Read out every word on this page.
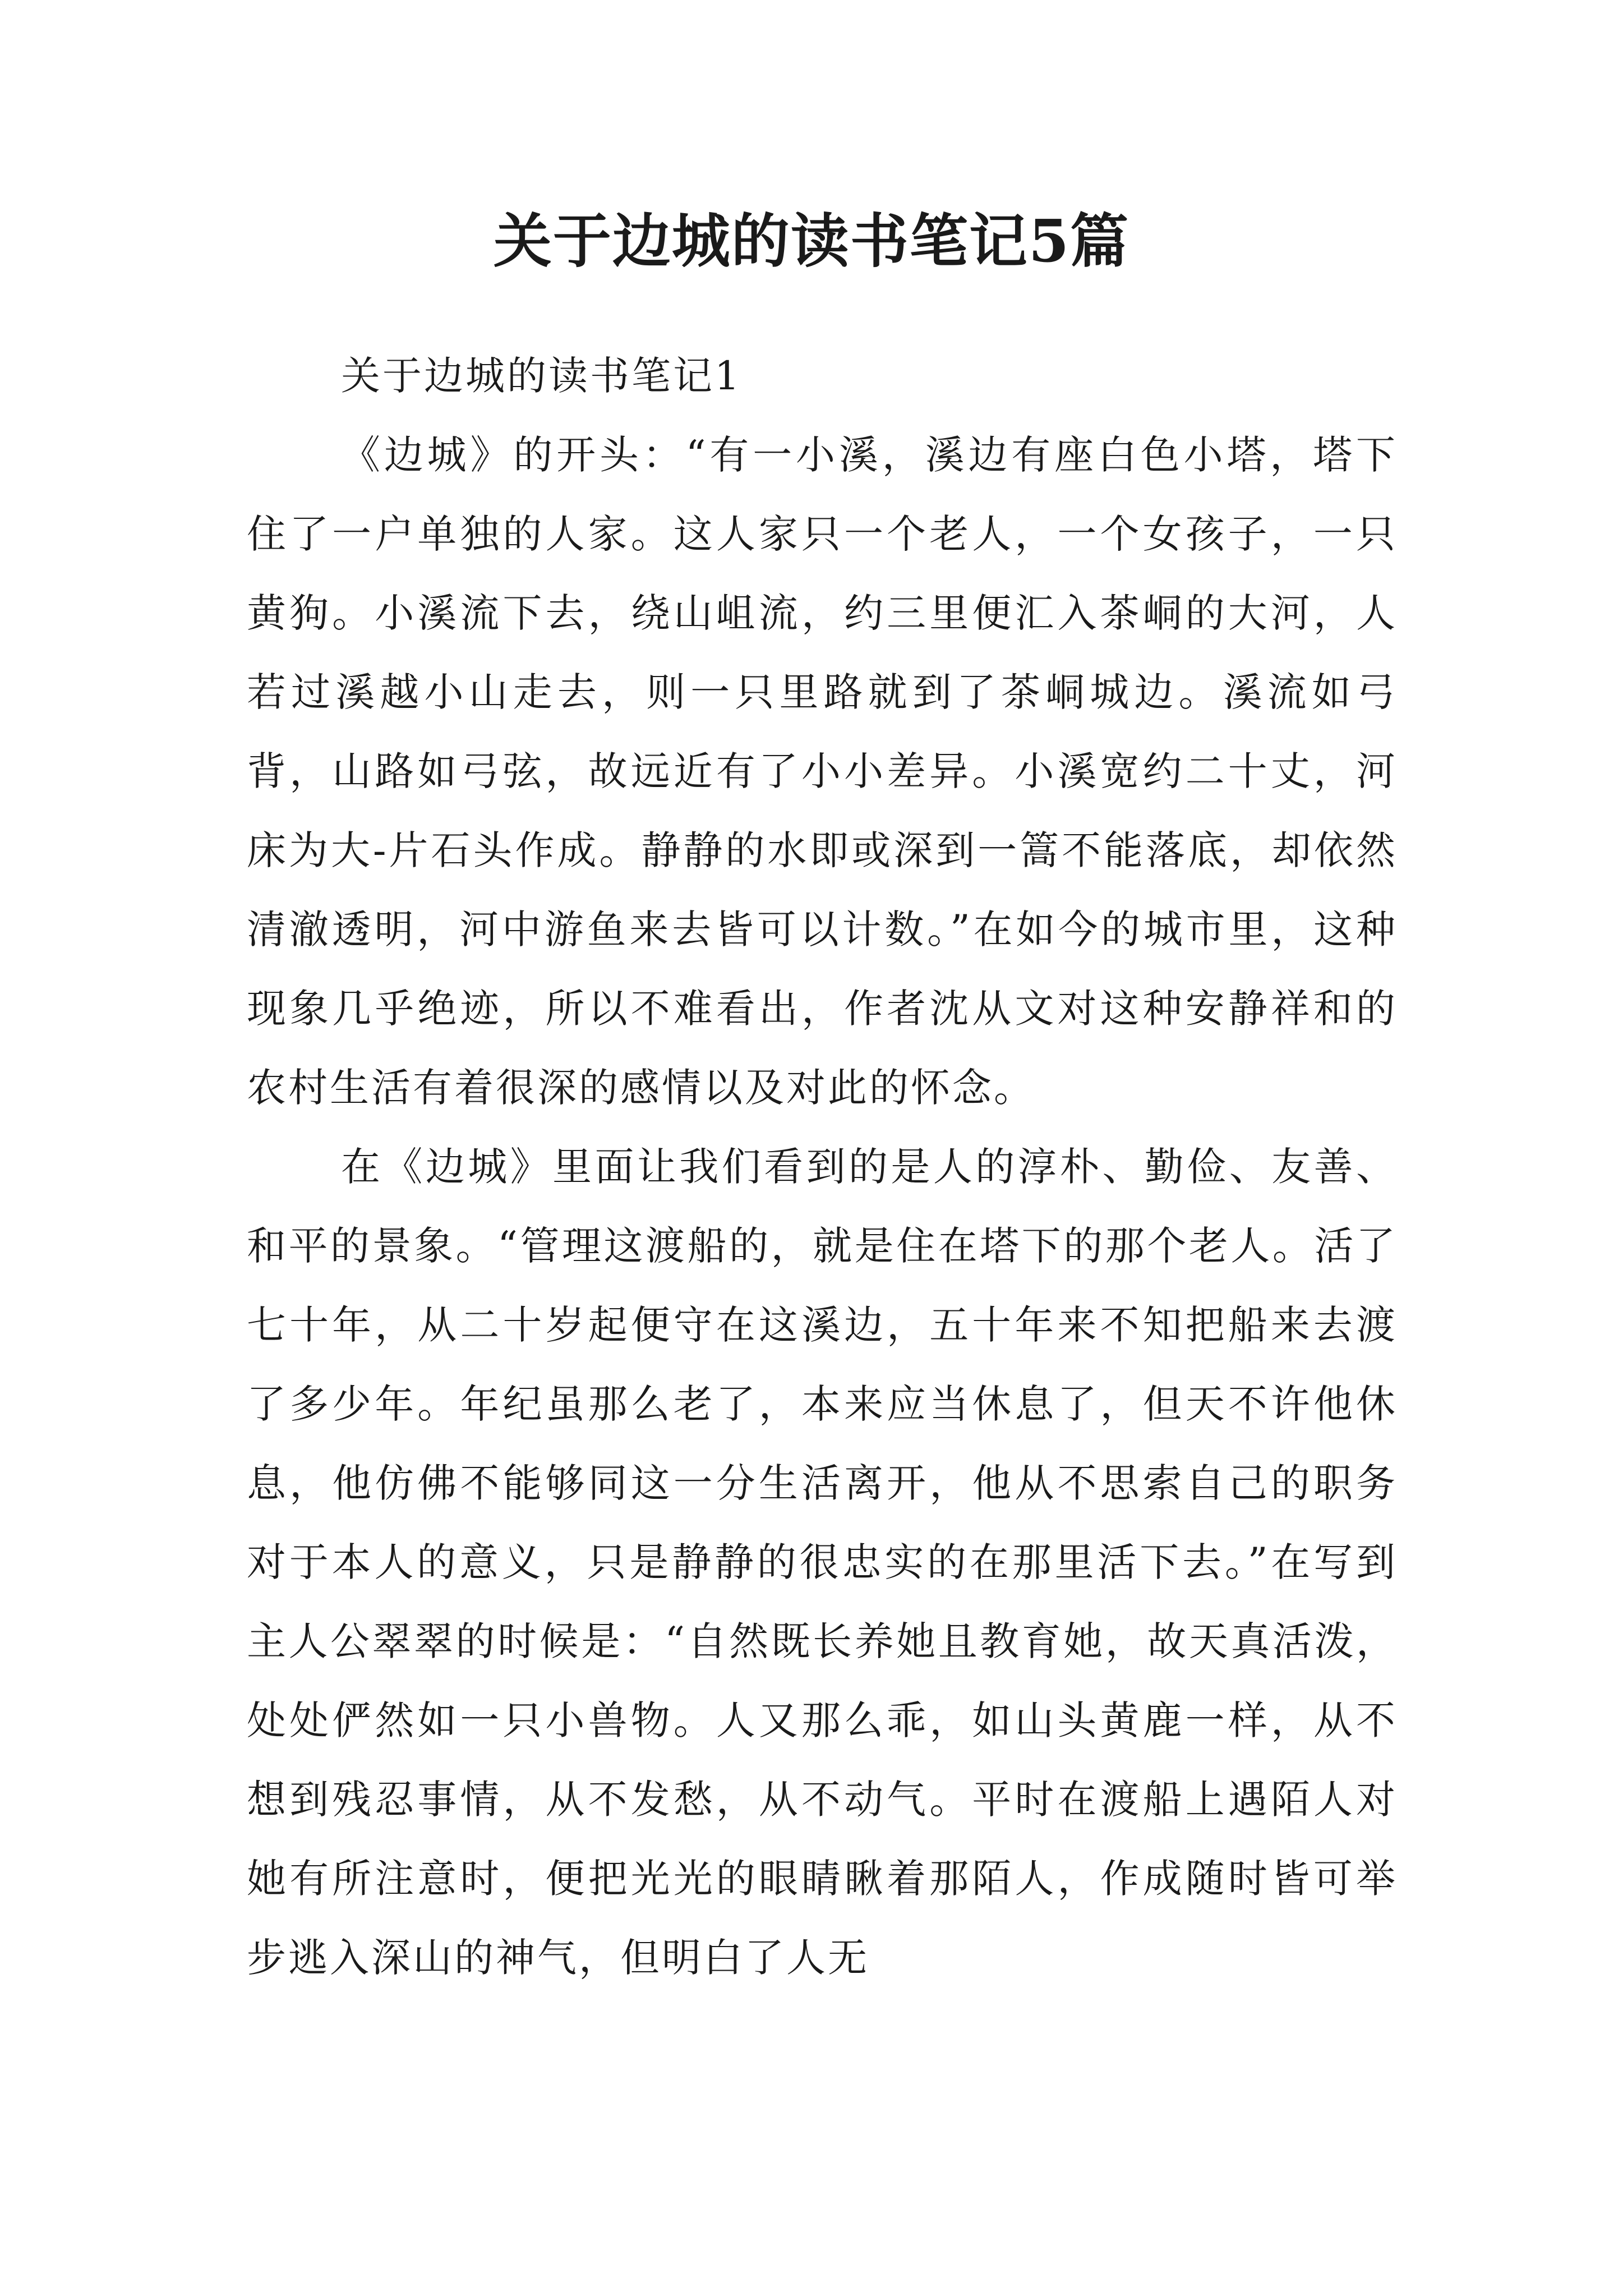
关于边城的读书笔记5篇
关于边城的读书笔记1

《边城》的开头：“有一小溪，溪边有座白色小塔，塔下住了一户单独的人家。这人家只一个老人，一个女孩子，一只黄狗。小溪流下去，绕山岨流，约三里便汇入茶峒的大河，人若过溪越小山走去，则一只里路就到了茶峒城边。溪流如弓背，山路如弓弦，故远近有了小小差异。小溪宽约二十丈，河床为大-片石头作成。静静的水即或深到一篙不能落底，却依然清澈透明，河中游鱼来去皆可以计数。”在如今的城市里，这种现象几乎绝迹，所以不难看出，作者沈从文对这种安静祥和的农村生活有着很深的感情以及对此的怀念。

在《边城》里面让我们看到的是人的淳朴、勤俭、友善、和平的景象。“管理这渡船的，就是住在塔下的那个老人。活了七十年，从二十岁起便守在这溪边，五十年来不知把船来去渡了多少年。年纪虽那么老了，本来应当休息了，但天不许他休息，他仿佛不能够同这一分生活离开，他从不思索自己的职务对于本人的意义，只是静静的很忠实的在那里活下去。”在写到主人公翠翠的时候是：“自然既长养她且教育她，故天真活泼，处处俨然如一只小兽物。人又那么乖，如山头黄鹿一样，从不想到残忍事情，从不发愁，从不动气。平时在渡船上遇陌人对她有所注意时，便把光光的眼睛瞅着那陌人，作成随时皆可举步逃入深山的神气，但明白了人无
